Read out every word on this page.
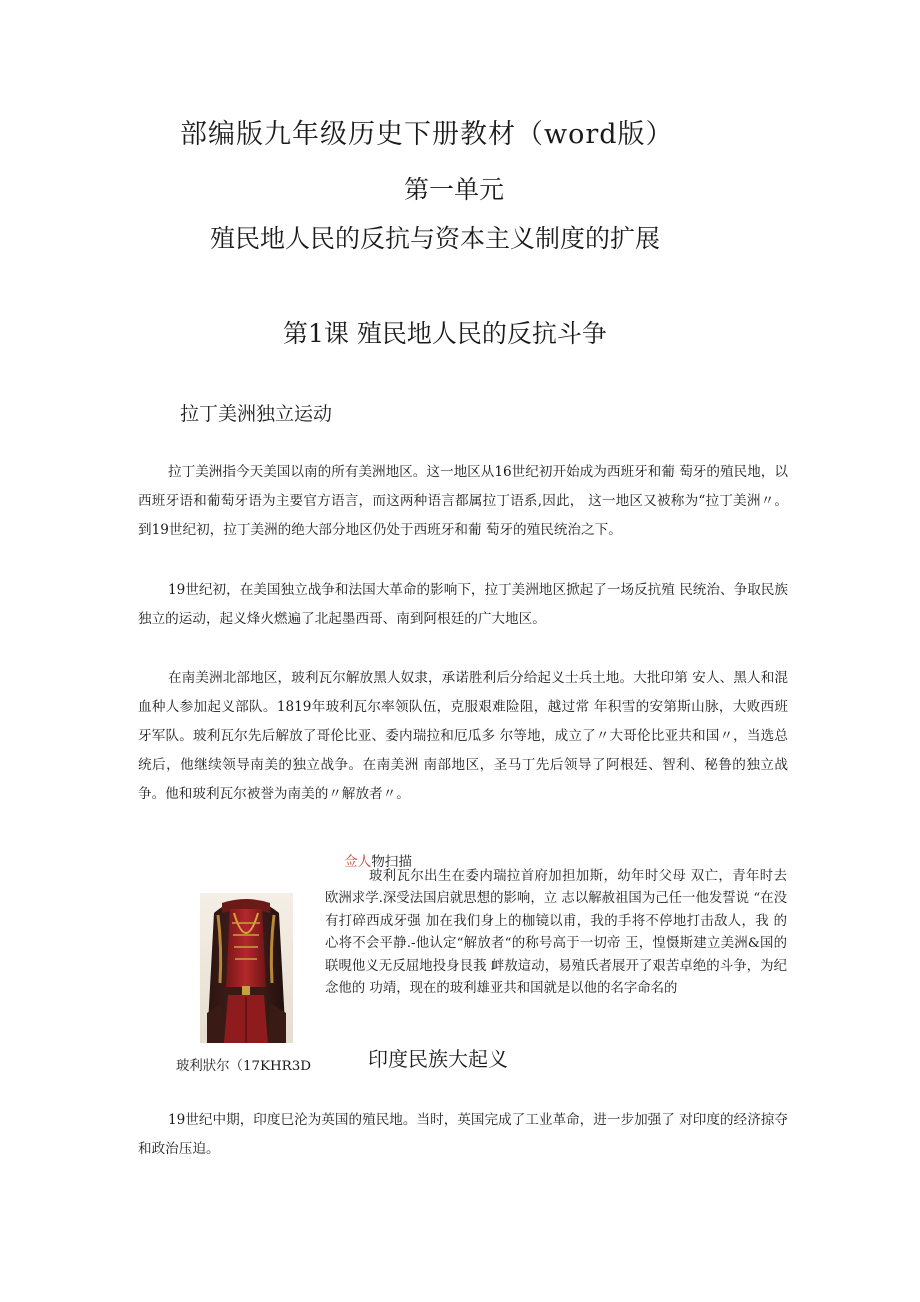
部编版九年级历史下册教材（word版）
第一单元
殖民地人民的反抗与资本主义制度的扩展
第1课 殖民地人民的反抗斗争
拉丁美洲独立运动

拉丁美洲指今天美国以南的所有美洲地区。这一地区从16世纪初开始成为西班牙和葡 萄牙的殖民地，以西班牙语和葡萄牙语为主要官方语言，而这两种语言都属拉丁语系,因此， 这一地区又被称为“拉丁美洲〃。到19世纪初，拉丁美洲的绝大部分地区仍处于西班牙和葡 萄牙的殖民统治之下。

19世纪初，在美国独立战争和法国大革命的影响下，拉丁美洲地区掀起了一场反抗殖 民统治、争取民族独立的运动，起义烽火燃遍了北起墨西哥、南到阿根廷的广大地区。

在南美洲北部地区，玻利瓦尔解放黑人奴隶，承诺胜利后分给起义士兵土地。大批印第 安人、黑人和混血种人参加起义部队。1819年玻利瓦尔率领队伍，克服艰难险阻，越过常 年积雪的安第斯山脉，大败西班牙军队。玻利瓦尔先后解放了哥伦比亚、委内瑞拉和厄瓜多 尔等地，成立了〃大哥伦比亚共和国〃，当选总统后，他继续领导南美的独立战争。在南美洲 南部地区，圣马丁先后领导了阿根廷、智利、秘鲁的独立战争。他和玻利瓦尔被誉为南美的〃解放者〃。

佥人物扫描

玻利瓦尔出生在委内瑞拉首府加担加斯，幼年时父母 双亡，青年时去欧洲求学.深受法国启就思想的影响，立 志以解赦祖国为己任一他发誓说 “在没有打碎西成牙强 加在我们身上的枷镜以甫，我的手将不停地打击敌人，我 的心将不会平静.-他认定“解放者“的称号高于一切帝 王，惶慑斯建立美洲&国的联晛他义无反屈地投身艮莪 衅敖這动，易殖氏者展开了艰苦卓绝的斗争，为纪念他的 功靖，现在的玻利雄亚共和国就是以他的名字命名的

玻利狀尔（17KHR3D	印度民族大起义

19世纪中期，印度巳沦为英国的殖民地。当时，英国完成了工业革命，进一步加强了 对印度的经济掠夺和政治压迫。
